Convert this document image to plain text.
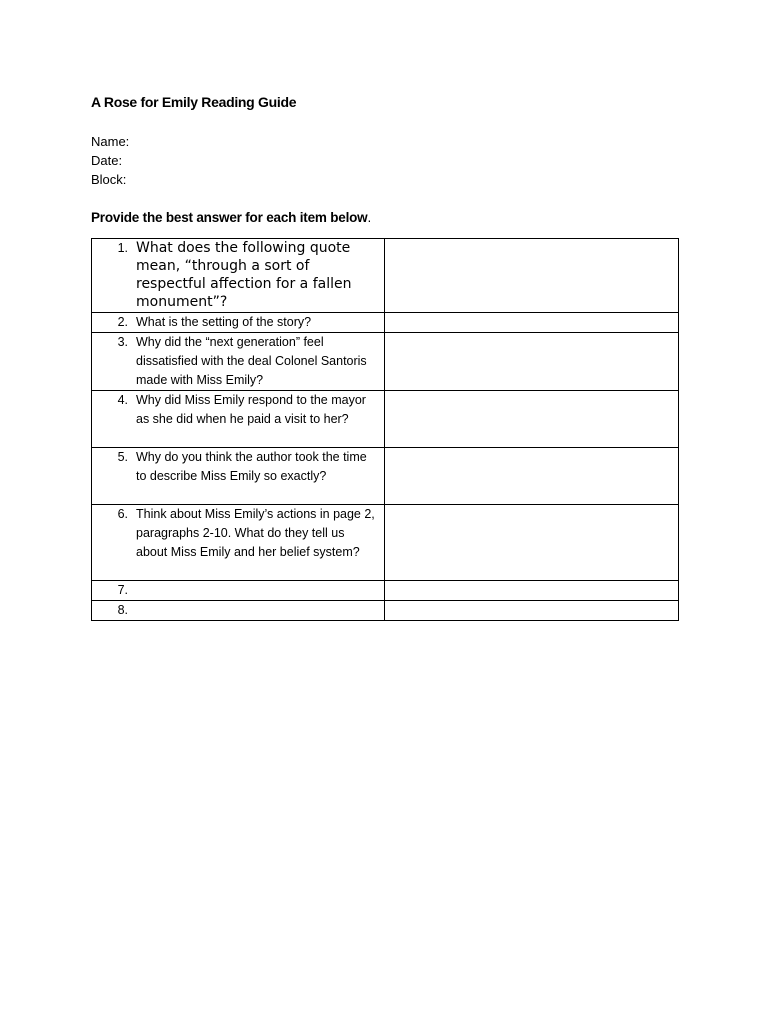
A Rose for Emily Reading Guide
Name:
Date:
Block:
Provide the best answer for each item below.
1. What does the following quote mean, “through a sort of respectful affection for a fallen monument”?	

2. What is the setting of the story?	

3. Why did the “next generation” feel dissatisfied with the deal Colonel Santoris made with Miss Emily?	

4. Why did Miss Emily respond to the mayor as she did when he paid a visit to her?	

5. Why do you think the author took the time to describe Miss Emily so exactly?	

6. Think about Miss Emily’s actions in page 2, paragraphs 2-10. What do they tell us about Miss Emily and her belief system?	

7.	

8.	
